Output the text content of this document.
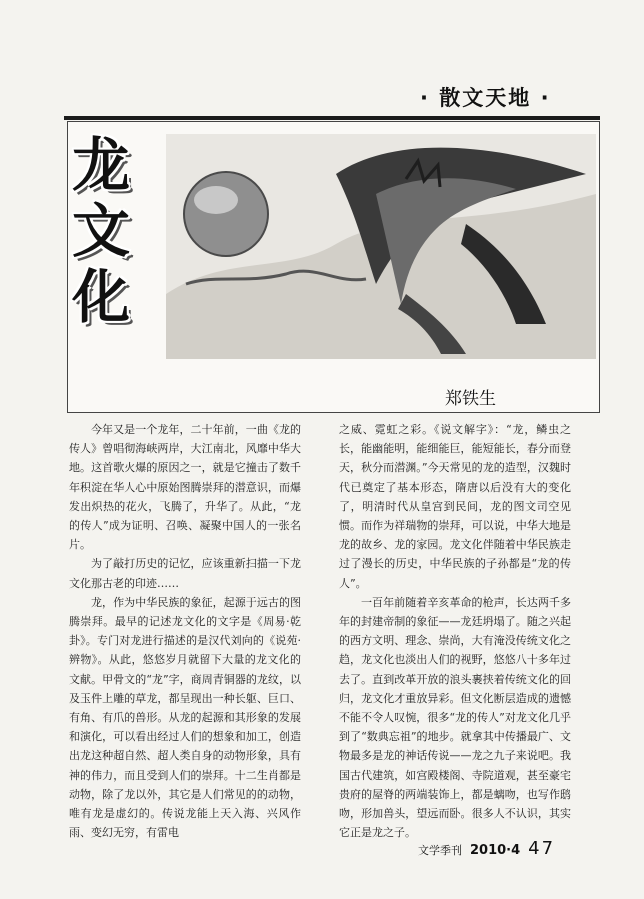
· 散文天地 ·
龙
文
化
郑铁生

今年又是一个龙年，二十年前，一曲《龙的传人》曾唱彻海峡两岸，大江南北，风靡中华大地。这首歌火爆的原因之一，就是它撞击了数千年积淀在华人心中原始图腾崇拜的潜意识，而爆发出炽热的花火，飞腾了，升华了。从此，“龙的传人”成为证明、召唤、凝聚中国人的一张名片。

为了敲打历史的记忆，应该重新扫描一下龙文化那古老的印迹……

龙，作为中华民族的象征，起源于远古的图腾崇拜。最早的记述龙文化的文字是《周易·乾卦》。专门对龙进行描述的是汉代刘向的《说苑·辨物》。从此，悠悠岁月就留下大量的龙文化的文献。甲骨文的“龙”字，商周青铜器的龙纹，以及玉件上雕的草龙，都呈现出一种长躯、巨口、有角、有爪的兽形。从龙的起源和其形象的发展和演化，可以看出经过人们的想象和加工，创造出龙这种超自然、超人类自身的动物形象，具有神的伟力，而且受到人们的崇拜。十二生肖都是动物，除了龙以外，其它是人们常见的的动物，唯有龙是虚幻的。传说龙能上天入海、兴风作雨、变幻无穷，有雷电

之威、霓虹之彩。《说文解字》：“龙，鳞虫之长，能幽能明，能细能巨，能短能长，春分而登天，秋分而潜渊。”今天常见的龙的造型，汉魏时代已奠定了基本形态，隋唐以后没有大的变化了，明清时代从皇宫到民间，龙的图文司空见惯。而作为祥瑞物的崇拜，可以说，中华大地是龙的故乡、龙的家园。龙文化伴随着中华民族走过了漫长的历史，中华民族的子孙都是“龙的传人”。

一百年前随着辛亥革命的枪声，长达两千多年的封建帝制的象征——龙廷坍塌了。随之兴起的西方文明、理念、崇尚，大有淹没传统文化之趋，龙文化也淡出人们的视野，悠悠八十多年过去了。直到改革开放的浪头裹挟着传统文化的回归，龙文化才重放异彩。但文化断层造成的遗憾不能不令人叹惋，很多“龙的传人”对龙文化几乎到了“数典忘祖”的地步。就拿其中传播最广、文物最多是龙的神话传说——龙之九子来说吧。我国古代建筑，如宫殿楼阁、寺院道观，甚至豪宅贵府的屋脊的两端装饰上，都是螭吻，也写作鸱吻，形加兽头，望远而卧。很多人不认识，其实它正是龙之子。

文学季刊 2010·4 47
